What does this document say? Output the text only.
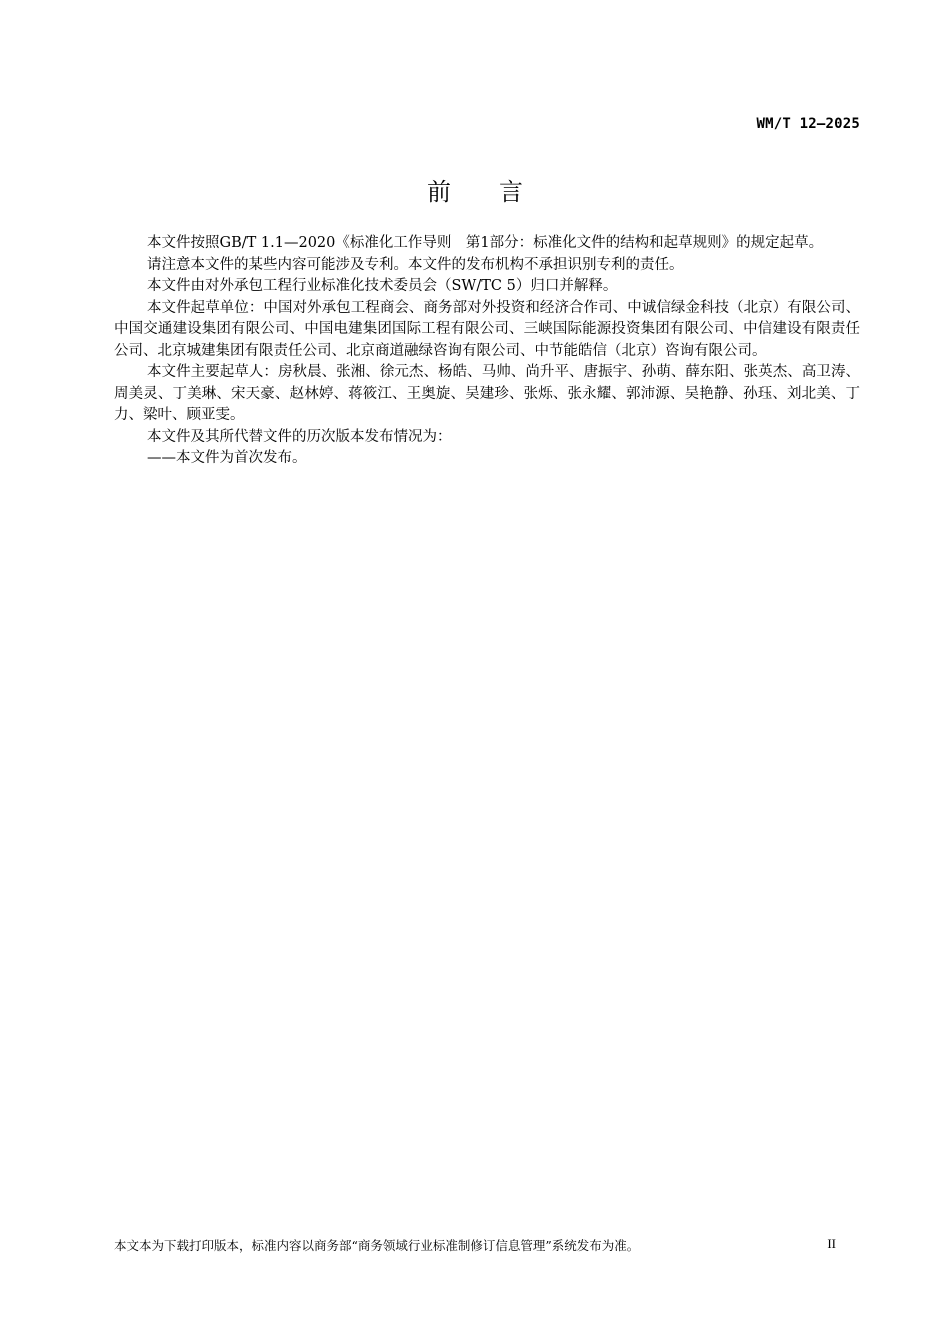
WM/T 12—2025
前言

本文件按照GB/T 1.1—2020《标准化工作导则　第1部分：标准化文件的结构和起草规则》的规定起草。

请注意本文件的某些内容可能涉及专利。本文件的发布机构不承担识别专利的责任。

本文件由对外承包工程行业标准化技术委员会（SW/TC 5）归口并解释。

本文件起草单位：中国对外承包工程商会、商务部对外投资和经济合作司、中诚信绿金科技（北京）有限公司、中国交通建设集团有限公司、中国电建集团国际工程有限公司、三峡国际能源投资集团有限公司、中信建设有限责任公司、北京城建集团有限责任公司、北京商道融绿咨询有限公司、中节能皓信（北京）咨询有限公司。

本文件主要起草人：房秋晨、张湘、徐元杰、杨皓、马帅、尚升平、唐振宇、孙萌、薛东阳、张英杰、高卫涛、周美灵、丁美琳、宋天豪、赵林婷、蒋筱江、王奥旋、吴建珍、张烁、张永耀、郭沛源、吴艳静、孙珏、刘北美、丁力、梁叶、顾亚雯。

本文件及其所代替文件的历次版本发布情况为：

——本文件为首次发布。

本文本为下载打印版本，标准内容以商务部“商务领域行业标准制修订信息管理”系统发布为准。	II
